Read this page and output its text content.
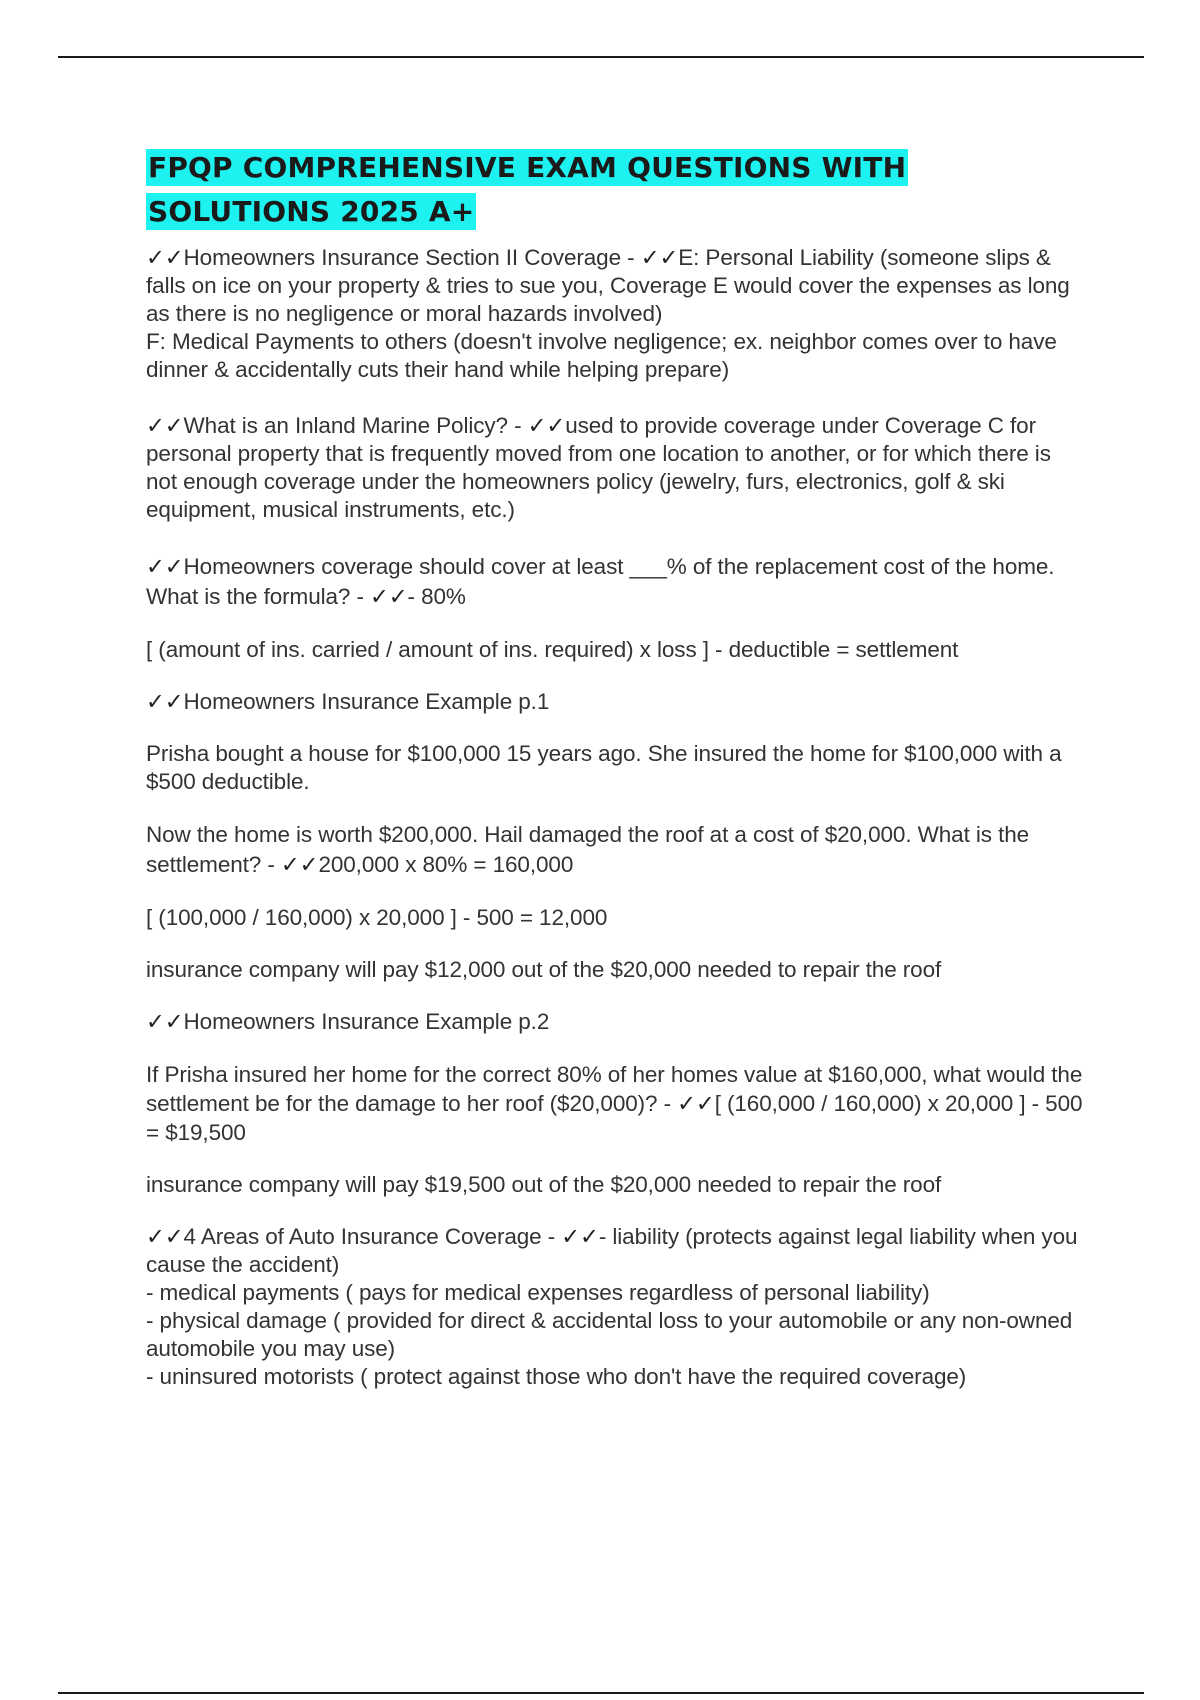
FPQP COMPREHENSIVE EXAM QUESTIONS WITH
SOLUTIONS 2025 A+
✓✓Homeowners Insurance Section II Coverage - ✓✓E: Personal Liability (someone slips & falls on ice on your property & tries to sue you, Coverage E would cover the expenses as long as there is no negligence or moral hazards involved)
F: Medical Payments to others (doesn't involve negligence; ex. neighbor comes over to have dinner & accidentally cuts their hand while helping prepare)
✓✓What is an Inland Marine Policy? - ✓✓used to provide coverage under Coverage C for personal property that is frequently moved from one location to another, or for which there is not enough coverage under the homeowners policy (jewelry, furs, electronics, golf & ski equipment, musical instruments, etc.)
✓✓Homeowners coverage should cover at least ___% of the replacement cost of the home. What is the formula? - ✓✓- 80%
[ (amount of ins. carried / amount of ins. required) x loss ] - deductible = settlement
✓✓Homeowners Insurance Example p.1
Prisha bought a house for $100,000 15 years ago. She insured the home for $100,000 with a $500 deductible.
Now the home is worth $200,000. Hail damaged the roof at a cost of $20,000. What is the settlement? - ✓✓200,000 x 80% = 160,000
[ (100,000 / 160,000) x 20,000 ] - 500 = 12,000
insurance company will pay $12,000 out of the $20,000 needed to repair the roof
✓✓Homeowners Insurance Example p.2
If Prisha insured her home for the correct 80% of her homes value at $160,000, what would the settlement be for the damage to her roof ($20,000)? - ✓✓[ (160,000 / 160,000) x 20,000 ] - 500 = $19,500
insurance company will pay $19,500 out of the $20,000 needed to repair the roof
✓✓4 Areas of Auto Insurance Coverage - ✓✓- liability (protects against legal liability when you cause the accident)
- medical payments ( pays for medical expenses regardless of personal liability)
- physical damage ( provided for direct & accidental loss to your automobile or any non-owned automobile you may use)
- uninsured motorists ( protect against those who don't have the required coverage)
